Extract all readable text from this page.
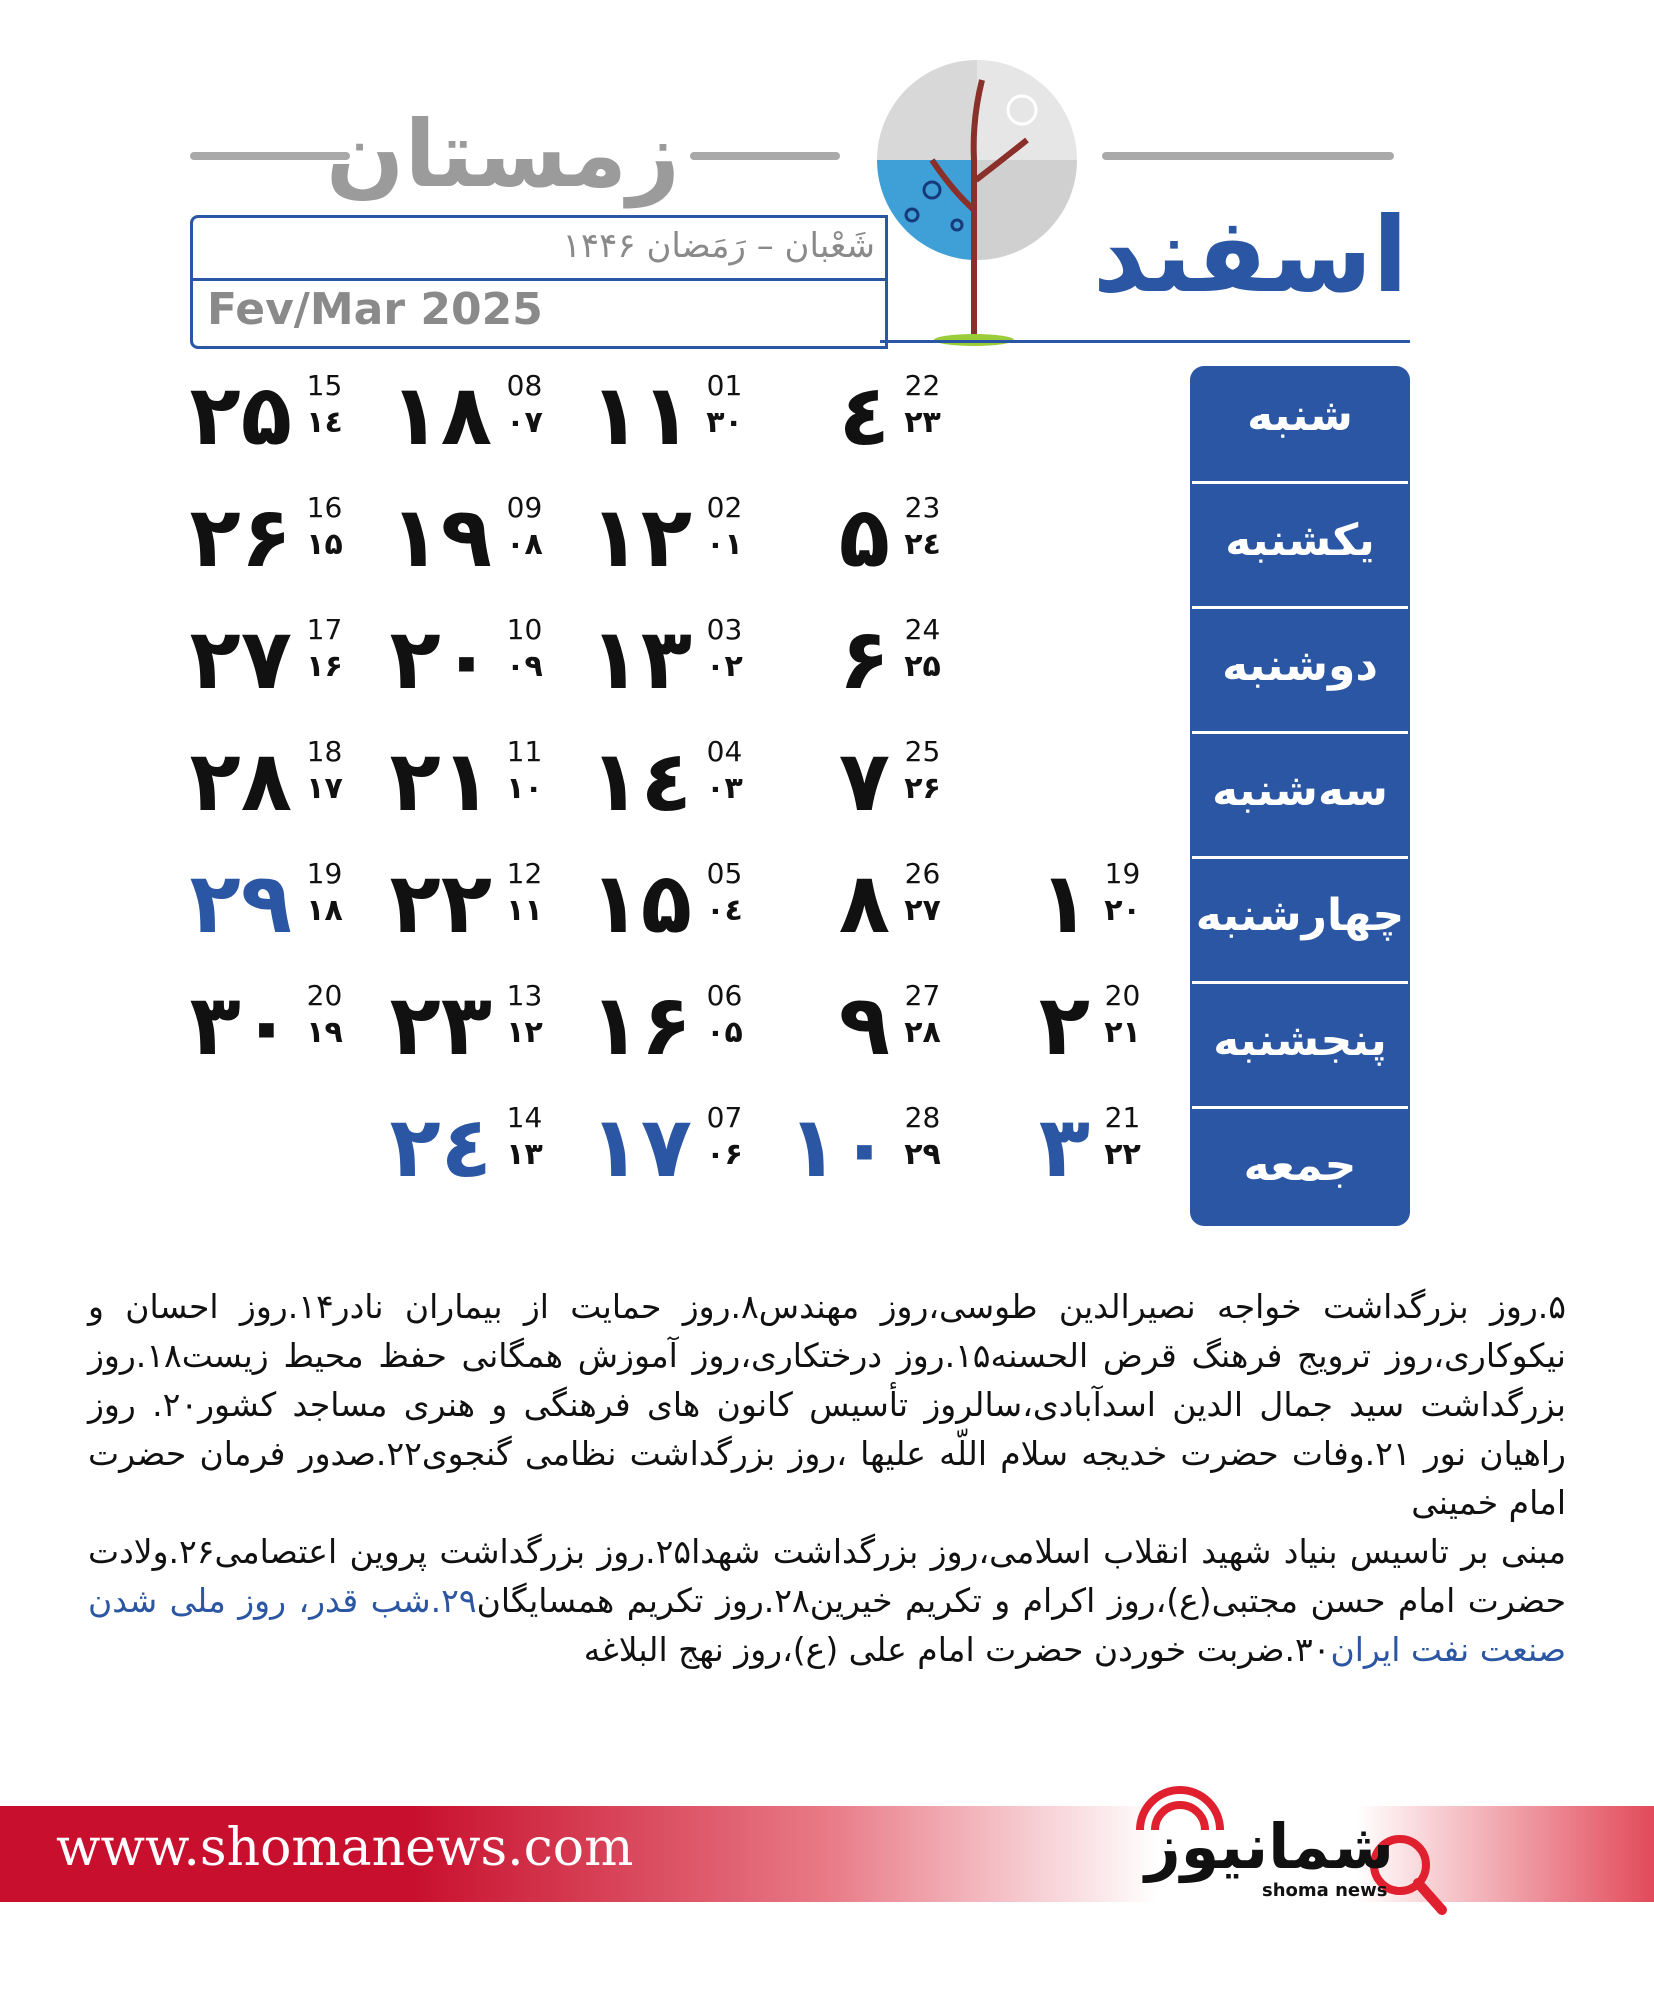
زمستان
شَعْبان – رَمَضان ۱۴۴۶
Fev/Mar 2025	اسفند
شنبه
یکشنبه
دوشنبه
سه‌شنبه
چهارشنبه
پنجشنبه
جمعه
19
۲۰
۱
20
۲۱
۲
21
۲۲
۳
22
۲۳
٤
23
۲٤
۵
24
۲۵
۶
25
۲۶
۷
26
۲۷
۸
27
۲۸
۹
28
۲۹
۱۰
01
۳۰
۱۱
02
۰۱
۱۲
03
۰۲
۱۳
04
۰۳
۱٤
05
۰٤
۱۵
06
۰۵
۱۶
07
۰۶
۱۷
08
۰۷
۱۸
09
۰۸
۱۹
10
۰۹
۲۰
11
۱۰
۲۱
12
۱۱
۲۲
13
۱۲
۲۳
14
۱۳
۲٤
15
۱٤
۲۵
16
۱۵
۲۶
17
۱۶
۲۷
18
۱۷
۲۸
19
۱۸
۲۹
20
۱۹
۳۰
۵.روز بزرگداشت خواجه نصیرالدین طوسی،روز مهندس۸.روز حمایت از بیماران نادر۱۴.روز احسان و نیکوکاری،روز ترویج فرهنگ قرض الحسنه۱۵.روز درختکاری،روز آموزش همگانی حفظ محیط زیست۱۸.روز بزرگداشت سید جمال الدین اسدآبادی،سالروز تأسیس کانون های فرهنگی و هنری مساجد کشور۲۰. روز راهیان نور ۲۱.وفات حضرت خدیجه سلام اللّه علیها ،روز بزرگداشت نظامی گنجوی۲۲.صدور فرمان حضرت امام خمینی
مبنی بر تاسیس بنیاد شهید انقلاب اسلامی،روز بزرگداشت شهدا۲۵.روز بزرگداشت پروین اعتصامی۲۶.ولادت حضرت امام حسن مجتبی(ع)،روز اکرام و تکریم خیرین۲۸.روز تکریم همسایگان۲۹.شب قدر، روز ملی شدن صنعت نفت ایران۳۰.ضربت خوردن حضرت امام علی (ع)،روز نهج البلاغه
www.shomanews.com	شمانیوز
shoma news
